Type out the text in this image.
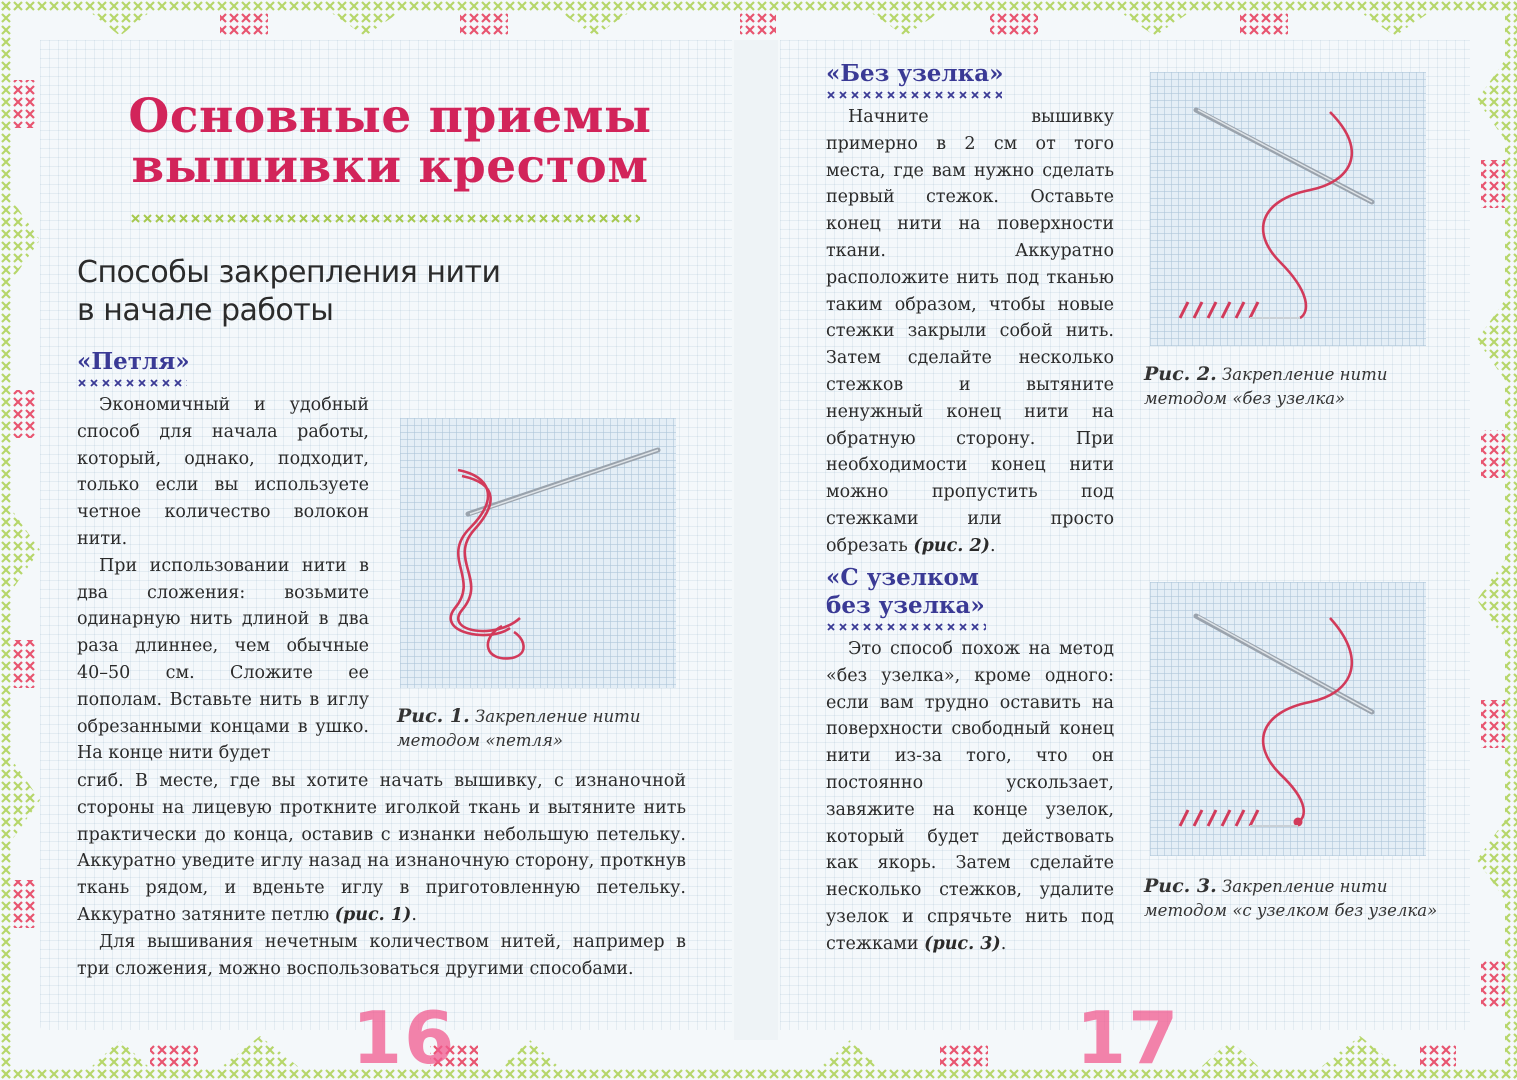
Основные приемы
вышивки крестом
Способы закрепления нити
в начале работы
«Петля»

Экономичный и удобный способ для начала работы, который, однако, подходит, только если вы используете четное количество волокон нити.

При использовании нити в два сложения: возьмите одинарную нить длиной в два раза длиннее, чем обычные 40–50 см. Сложите ее пополам. Вставьте нить в иглу обрезанными концами в ушко. На конце нити будет

сгиб. В месте, где вы хотите начать вышивку, с изнаночной стороны на лицевую проткните иголкой ткань и вытяните нить практически до конца, оставив с изнанки небольшую петельку. Аккуратно уведите иглу назад на изнаночную сторону, проткнув ткань рядом, и вденьте иглу в приготовленную петельку. Аккуратно затяните петлю (рис. 1).

Для вышивания нечетным количеством нитей, например в три сложения, можно воспользоваться другими способами.

Рис. 1. Закрепление нити методом «петля»

16
«Без узелка»

Начните вышивку примерно в 2 см от того места, где вам нужно сделать первый стежок. Оставьте конец нити на поверхности ткани. Аккуратно расположите нить под тканью таким образом, чтобы новые стежки закрыли собой нить. Затем сделайте несколько стежков и вытяните ненужный конец нити на обратную сторону. При необходимости конец нити можно пропустить под стежками или просто обрезать (рис. 2).

Рис. 2. Закрепление нити методом «без узелка»

«С узелком
без узелка»

Это способ похож на метод «без узелка», кроме одного: если вам трудно оставить на поверхности свободный конец нити из-за того, что он постоянно ускользает, завяжите на конце узелок, который будет действовать как якорь. Затем сделайте несколько стежков, удалите узелок и спрячьте нить под стежками (рис. 3).

Рис. 3. Закрепление нити методом «с узелком без узелка»

17
